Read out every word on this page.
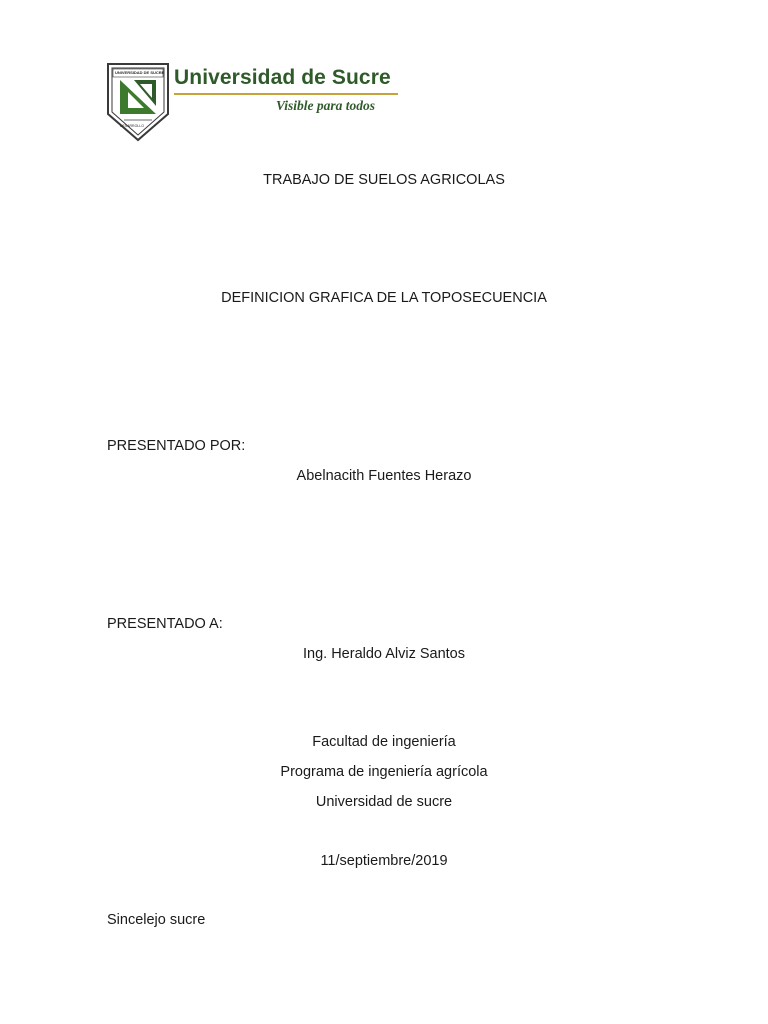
UNIVERSIDAD DE SUCRE
DESARROLLO
Universidad de Sucre
Visible para todos
TRABAJO DE SUELOS AGRICOLAS
DEFINICION GRAFICA DE LA TOPOSECUENCIA
PRESENTADO POR:
Abelnacith Fuentes Herazo
PRESENTADO A:
Ing. Heraldo Alviz Santos
Facultad de ingeniería
Programa de ingeniería agrícola
Universidad de sucre
11/septiembre/2019
Sincelejo sucre
